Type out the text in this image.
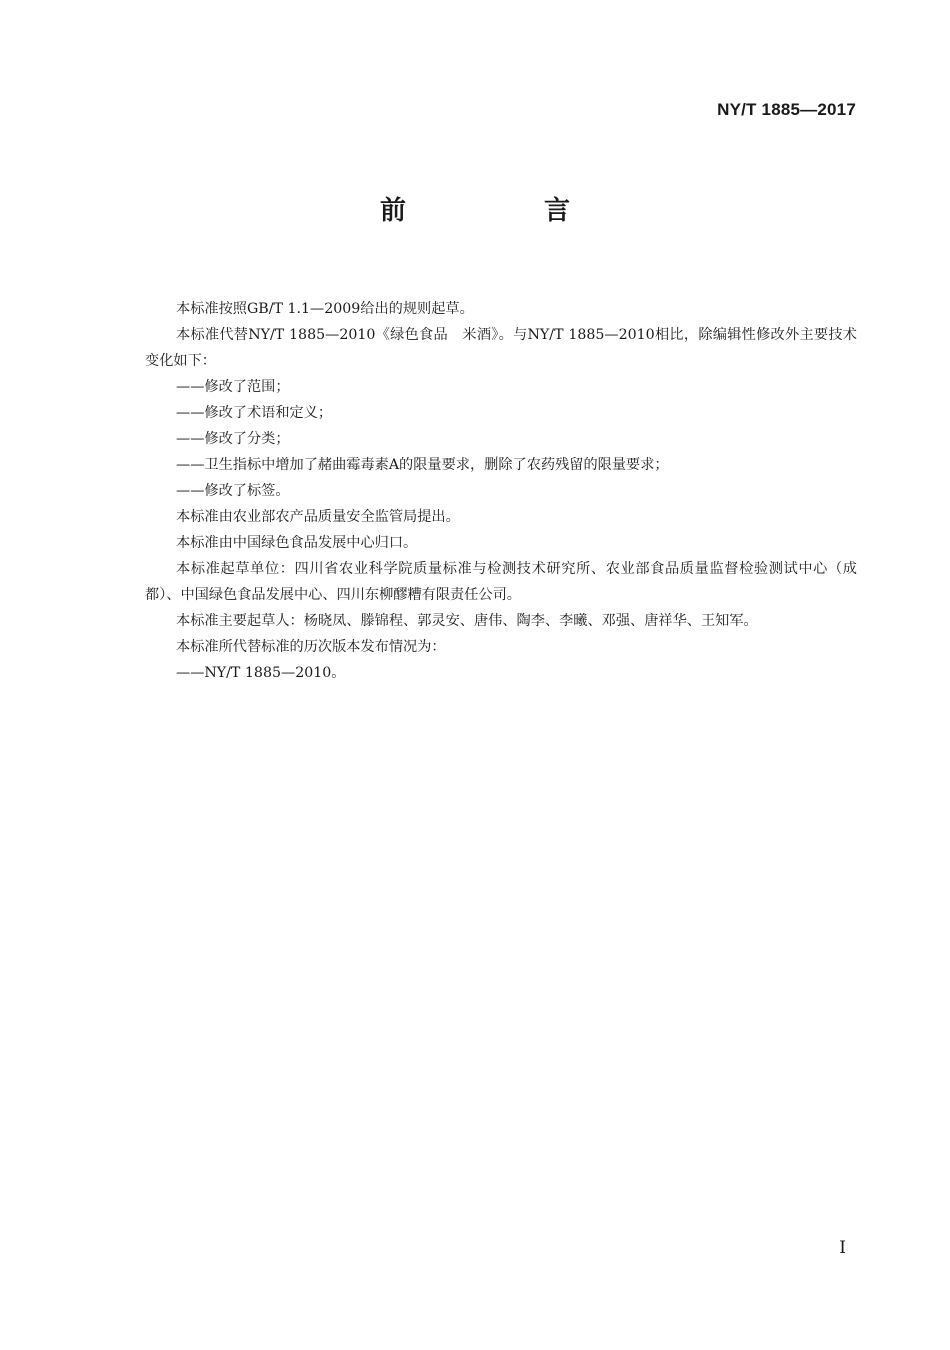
NY/T 1885—2017
前　言

本标准按照GB/T 1.1—2009给出的规则起草。

本标准代替NY/T 1885—2010《绿色食品　米酒》。与NY/T 1885—2010相比，除编辑性修改外主要技术变化如下：

——修改了范围；

——修改了术语和定义；

——修改了分类；

——卫生指标中增加了赭曲霉毒素A的限量要求，删除了农药残留的限量要求；

——修改了标签。

本标准由农业部农产品质量安全监管局提出。

本标准由中国绿色食品发展中心归口。

本标准起草单位：四川省农业科学院质量标准与检测技术研究所、农业部食品质量监督检验测试中心（成都）、中国绿色食品发展中心、四川东柳醪糟有限责任公司。

本标准主要起草人：杨晓凤、滕锦程、郭灵安、唐伟、陶李、李曦、邓强、唐祥华、王知军。

本标准所代替标准的历次版本发布情况为：

——NY/T 1885—2010。

I
